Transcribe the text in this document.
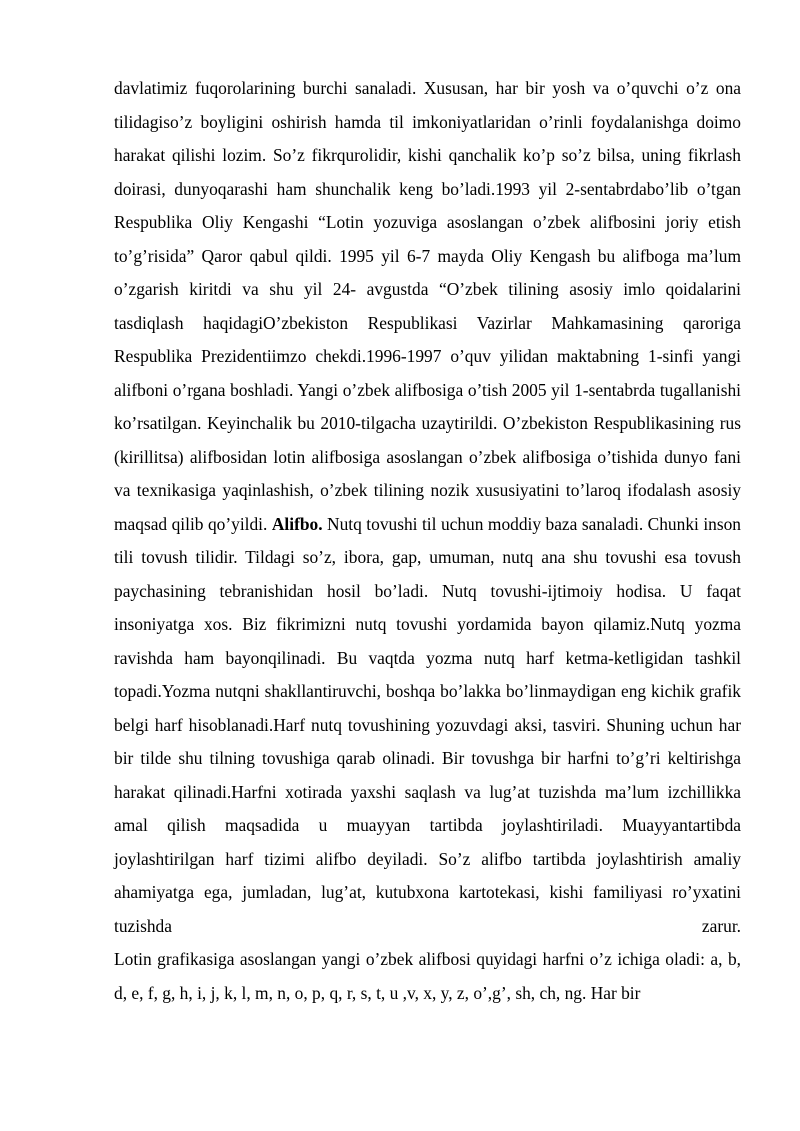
davlatimiz fuqorolarining burchi sanaladi. Xususan, har bir yosh va o’quvchi o’z ona tilidagiso’z boyligini oshirish hamda til imkoniyatlaridan o’rinli foydalanishga doimo harakat qilishi lozim. So’z fikrqurolidir, kishi qanchalik ko’p so’z bilsa, uning fikrlash doirasi, dunyoqarashi ham shunchalik keng bo’ladi.1993 yil 2-sentabrdabo’lib o’tgan Respublika Oliy Kengashi “Lotin yozuviga asoslangan o’zbek alifbosini joriy etish to’g’risida” Qaror qabul qildi. 1995 yil 6-7 mayda Oliy Kengash bu alifboga ma’lum o’zgarish kiritdi va shu yil 24- avgustda “O’zbek tilining asosiy imlo qoidalarini tasdiqlash haqidagiO’zbekiston Respublikasi Vazirlar Mahkamasining qaroriga Respublika Prezidentiimzo chekdi.1996-1997 o’quv yilidan maktabning 1-sinfi yangi alifboni o’rgana boshladi. Yangi o’zbek alifbosiga o’tish 2005 yil 1-sentabrda tugallanishi ko’rsatilgan. Keyinchalik bu 2010-tilgacha uzaytirildi. O’zbekiston Respublikasining rus (kirillitsa) alifbosidan lotin alifbosiga asoslangan o’zbek alifbosiga o’tishida dunyo fani va texnikasiga yaqinlashish, o’zbek tilining nozik xususiyatini to’laroq ifodalash asosiy maqsad qilib qo’yildi. Alifbo. Nutq tovushi til uchun moddiy baza sanaladi. Chunki inson tili tovush tilidir. Tildagi so’z, ibora, gap, umuman, nutq ana shu tovushi esa tovush paychasining tebranishidan hosil bo’ladi. Nutq tovushi-ijtimoiy hodisa. U faqat insoniyatga xos. Biz fikrimizni nutq tovushi yordamida bayon qilamiz.Nutq yozma ravishda ham bayonqilinadi. Bu vaqtda yozma nutq harf ketma-ketligidan tashkil topadi.Yozma nutqni shakllantiruvchi, boshqa bo’lakka bo’linmaydigan eng kichik grafik belgi harf hisoblanadi.Harf nutq tovushining yozuvdagi aksi, tasviri. Shuning uchun har bir tilde shu tilning tovushiga qarab olinadi. Bir tovushga bir harfni to’g’ri keltirishga harakat qilinadi.Harfni xotirada yaxshi saqlash va lug’at tuzishda ma’lum izchillikka amal qilish maqsadida u muayyan tartibda joylashtiriladi. Muayyantartibda joylashtirilgan harf tizimi alifbo deyiladi. So’z alifbo tartibda joylashtirish amaliy ahamiyatga ega, jumladan, lug’at, kutubxona kartotekasi, kishi familiyasi ro’yxatini tuzishda zarur.

Lotin grafikasiga asoslangan yangi o’zbek alifbosi quyidagi harfni o’z ichiga oladi: a, b, d, e, f, g, h, i, j, k, l, m, n, o, p, q, r, s, t, u ,v, x, y, z, o’,g’, sh, ch, ng. Har bir
